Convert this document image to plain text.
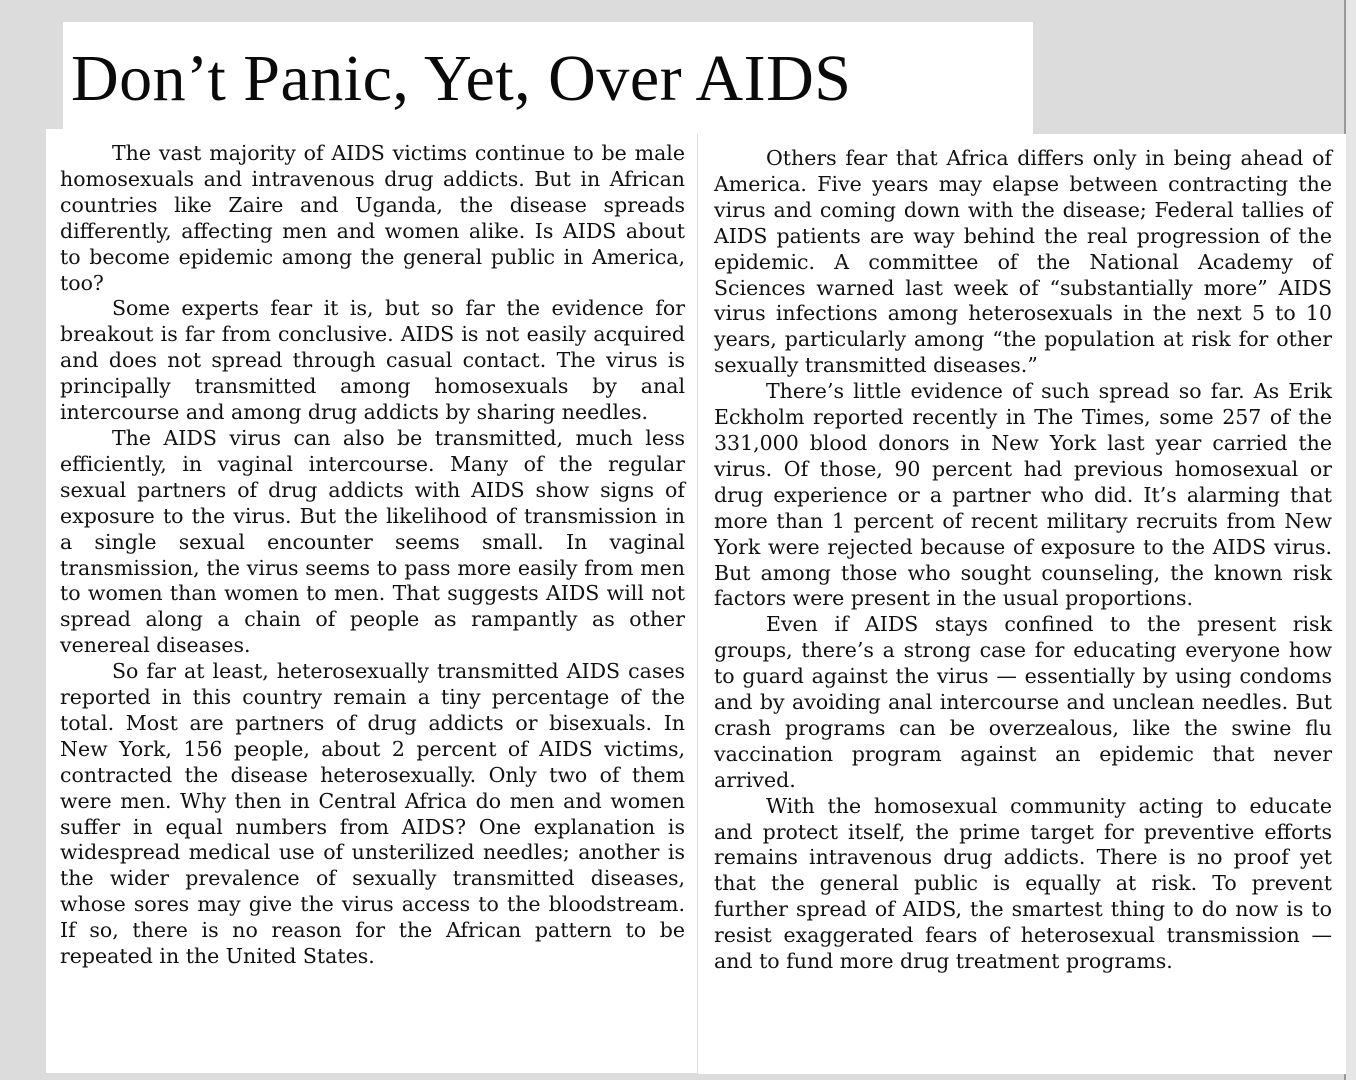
Don’t Panic, Yet, Over AIDS

The vast majority of AIDS victims continue to be male homosexuals and intravenous drug addicts. But in African countries like Zaire and Uganda, the disease spreads differently, affecting men and women alike. Is AIDS about to become epidemic among the general public in America, too?

Some experts fear it is, but so far the evidence for breakout is far from conclusive. AIDS is not easily acquired and does not spread through casual contact. The virus is principally transmitted among homosexuals by anal intercourse and among drug addicts by sharing needles.

The AIDS virus can also be transmitted, much less efficiently, in vaginal intercourse. Many of the regular sexual partners of drug addicts with AIDS show signs of exposure to the virus. But the likelihood of transmission in a single sexual encounter seems small. In vaginal transmission, the virus seems to pass more easily from men to women than women to men. That suggests AIDS will not spread along a chain of people as rampantly as other venereal diseases.

So far at least, heterosexually transmitted AIDS cases reported in this country remain a tiny percentage of the total. Most are partners of drug addicts or bisexuals. In New York, 156 people, about 2 percent of AIDS victims, contracted the disease heterosexually. Only two of them were men. Why then in Central Africa do men and women suffer in equal numbers from AIDS? One explanation is widespread medical use of unsterilized needles; another is the wider prevalence of sexually transmitted diseases, whose sores may give the virus access to the bloodstream. If so, there is no reason for the African pattern to be repeated in the United States.

Others fear that Africa differs only in being ahead of America. Five years may elapse between contracting the virus and coming down with the disease; Federal tallies of AIDS patients are way behind the real progression of the epidemic. A committee of the National Academy of Sciences warned last week of “substantially more” AIDS virus infections among heterosexuals in the next 5 to 10 years, particularly among “the population at risk for other sexually transmitted diseases.”

There’s little evidence of such spread so far. As Erik Eckholm reported recently in The Times, some 257 of the 331,000 blood donors in New York last year carried the virus. Of those, 90 percent had previous homosexual or drug experience or a partner who did. It’s alarming that more than 1 percent of recent military recruits from New York were rejected because of exposure to the AIDS virus. But among those who sought counseling, the known risk factors were present in the usual proportions.

Even if AIDS stays confined to the present risk groups, there’s a strong case for educating everyone how to guard against the virus — essentially by using condoms and by avoiding anal intercourse and unclean needles. But crash programs can be overzealous, like the swine flu vaccination program against an epidemic that never arrived.

With the homosexual community acting to educate and protect itself, the prime target for preventive efforts remains intravenous drug addicts. There is no proof yet that the general public is equally at risk. To prevent further spread of AIDS, the smartest thing to do now is to resist exaggerated fears of heterosexual transmission — and to fund more drug treatment programs.
